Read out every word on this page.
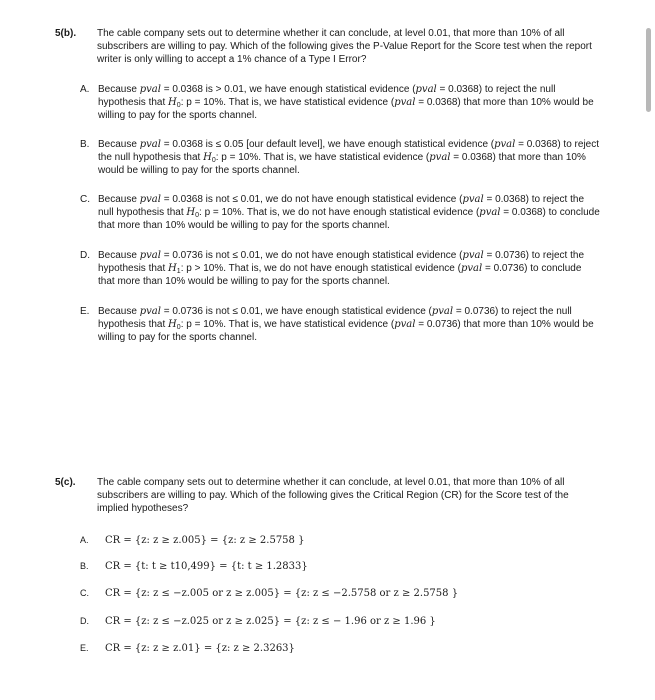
5(b).	The cable company sets out to determine whether it can conclude, at level 0.01, that more than 10% of all subscribers are willing to pay. Which of the following gives the P-Value Report for the Score test when the report writer is only willing to accept a 1% chance of a Type I Error?
A. Because pval = 0.0368 is > 0.01, we have enough statistical evidence (pval = 0.0368) to reject the null hypothesis that $H_0$: p = 10%. That is, we have statistical evidence (pval = 0.0368) that more than 10% would be willing to pay for the sports channel.
B. Because pval = 0.0368 is ≤ 0.05 [our default level], we have enough statistical evidence (pval = 0.0368) to reject the null hypothesis that $H_0$: p = 10%. That is, we have statistical evidence (pval = 0.0368) that more than 10% would be willing to pay for the sports channel.
C. Because pval = 0.0368 is not ≤ 0.01, we do not have enough statistical evidence (pval = 0.0368) to reject the null hypothesis that $H_0$: p = 10%. That is, we do not have enough statistical evidence (pval = 0.0368) to conclude that more than 10% would be willing to pay for the sports channel.
D. Because pval = 0.0736 is not ≤ 0.01, we do not have enough statistical evidence (pval = 0.0736) to reject the hypothesis that $H_1$: p > 10%. That is, we do not have enough statistical evidence (pval = 0.0736) to conclude that more than 10% would be willing to pay for the sports channel.
E. Because pval = 0.0736 is not ≤ 0.01, we have enough statistical evidence (pval = 0.0736) to reject the null hypothesis that $H_0$: p = 10%. That is, we have statistical evidence (pval = 0.0736) that more than 10% would be willing to pay for the sports channel.
5(c).	The cable company sets out to determine whether it can conclude, at level 0.01, that more than 10% of all subscribers are willing to pay. Which of the following gives the Critical Region (CR) for the Score test of the implied hypotheses?
A.	CR = {z: z ≥ z.005} = {z: z ≥ 2.5758 }
B.	CR = {t: t ≥ t10,499} = {t: t ≥ 1.2833}
C.	CR = {z: z ≤ −z.005 or z ≥ z.005} = {z: z ≤ −2.5758 or z ≥ 2.5758 }
D.	CR = {z: z ≤ −z.025 or z ≥ z.025} = {z: z ≤ − 1.96 or z ≥ 1.96 }
E.	CR = {z: z ≥ z.01} = {z: z ≥ 2.3263}
